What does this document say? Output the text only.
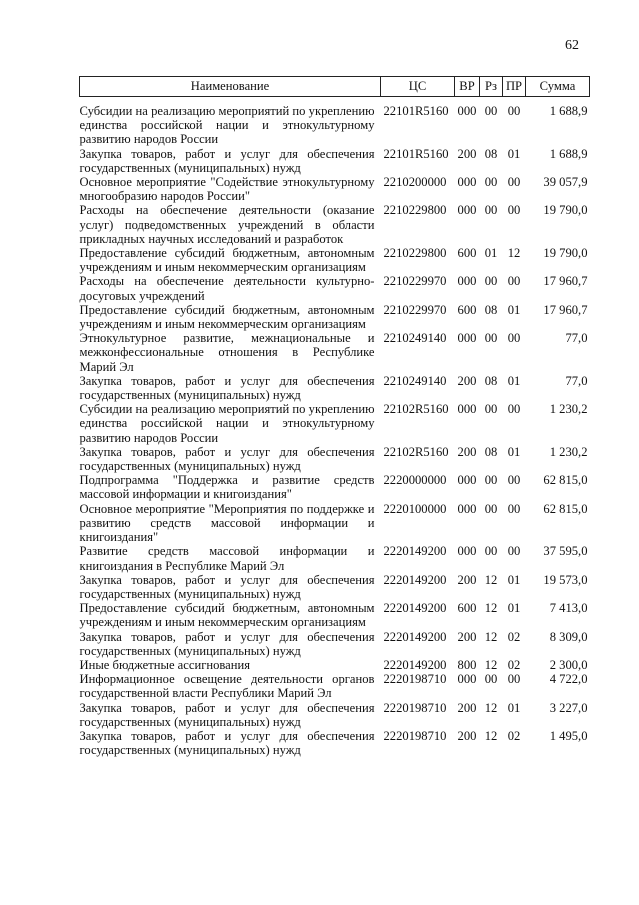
62
Наименование	ЦС	ВР	Рз	ПР	Сумма
Субсидии на реализацию мероприятий по укреплению единства российской нации и этнокультурному развитию народов России	22101R5160	000	00	00	1 688,9
Закупка товаров, работ и услуг для обеспечения государственных (муниципальных) нужд	22101R5160	200	08	01	1 688,9
Основное мероприятие "Содействие этнокультурному многообразию народов России"	2210200000	000	00	00	39 057,9
Расходы на обеспечение деятельности (оказание услуг) подведомственных учреждений в области прикладных научных исследований и разработок	2210229800	000	00	00	19 790,0
Предоставление субсидий бюджетным, автономным учреждениям и иным некоммерческим организациям	2210229800	600	01	12	19 790,0
Расходы на обеспечение деятельности культурно-досуговых учреждений	2210229970	000	00	00	17 960,7
Предоставление субсидий бюджетным, автономным учреждениям и иным некоммерческим организациям	2210229970	600	08	01	17 960,7
Этнокультурное развитие, межнациональные и межконфессиональные отношения в Республике Марий Эл	2210249140	000	00	00	77,0
Закупка товаров, работ и услуг для обеспечения государственных (муниципальных) нужд	2210249140	200	08	01	77,0
Субсидии на реализацию мероприятий по укреплению единства российской нации и этнокультурному развитию народов России	22102R5160	000	00	00	1 230,2
Закупка товаров, работ и услуг для обеспечения государственных (муниципальных) нужд	22102R5160	200	08	01	1 230,2
Подпрограмма "Поддержка и развитие средств массовой информации и книгоиздания"	2220000000	000	00	00	62 815,0
Основное мероприятие "Мероприятия по поддержке и развитию средств массовой информации и книгоиздания"	2220100000	000	00	00	62 815,0
Развитие средств массовой информации и книгоиздания в Республике Марий Эл	2220149200	000	00	00	37 595,0
Закупка товаров, работ и услуг для обеспечения государственных (муниципальных) нужд	2220149200	200	12	01	19 573,0
Предоставление субсидий бюджетным, автономным учреждениям и иным некоммерческим организациям	2220149200	600	12	01	7 413,0
Закупка товаров, работ и услуг для обеспечения государственных (муниципальных) нужд	2220149200	200	12	02	8 309,0
Иные бюджетные ассигнования	2220149200	800	12	02	2 300,0
Информационное освещение деятельности органов государственной власти Республики Марий Эл	2220198710	000	00	00	4 722,0
Закупка товаров, работ и услуг для обеспечения государственных (муниципальных) нужд	2220198710	200	12	01	3 227,0
Закупка товаров, работ и услуг для обеспечения государственных (муниципальных) нужд	2220198710	200	12	02	1 495,0
